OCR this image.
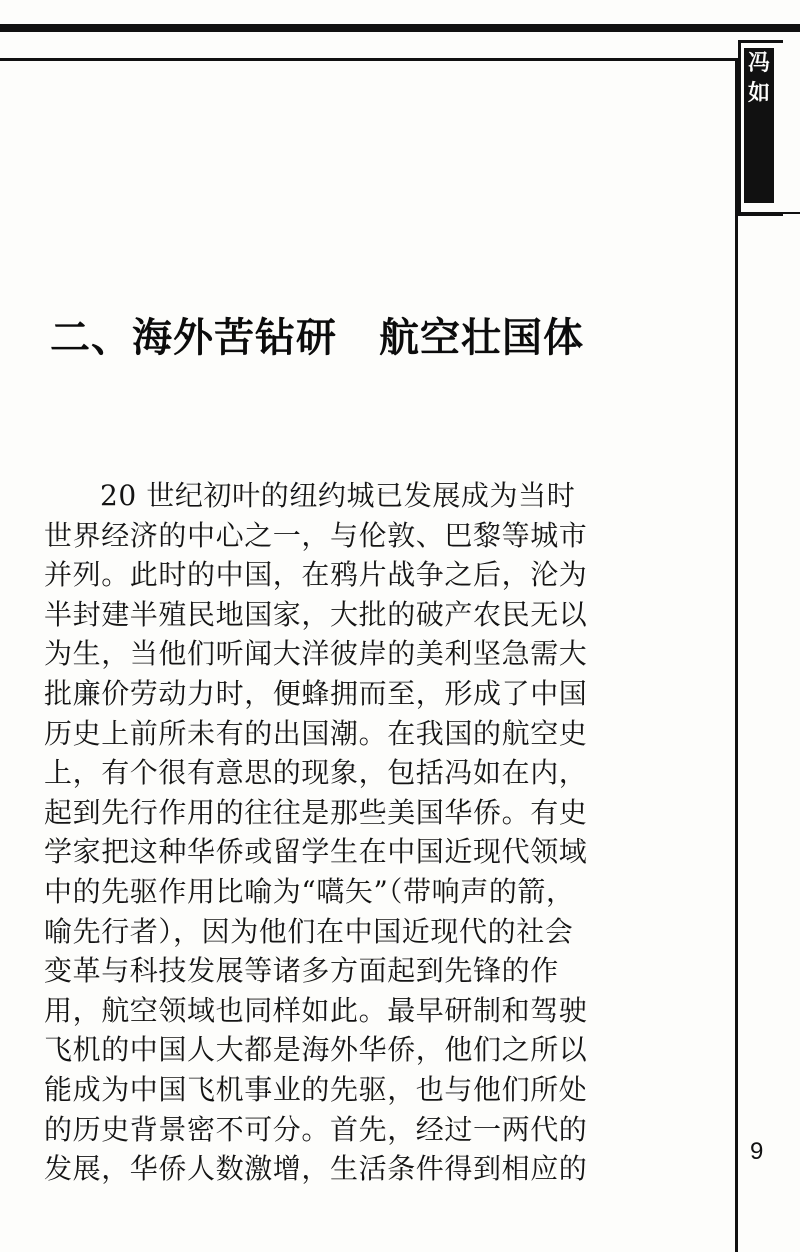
冯
如
二、海外苦钻研 航空壮国体

20 世纪初叶的纽约城已发展成为当时

世界经济的中心之一，与伦敦、巴黎等城市

并列。此时的中国，在鸦片战争之后，沦为

半封建半殖民地国家，大批的破产农民无以

为生，当他们听闻大洋彼岸的美利坚急需大

批廉价劳动力时，便蜂拥而至，形成了中国

历史上前所未有的出国潮。在我国的航空史

上，有个很有意思的现象，包括冯如在内，

起到先行作用的往往是那些美国华侨。有史

学家把这种华侨或留学生在中国近现代领域

中的先驱作用比喻为“嚆矢”（带响声的箭，

喻先行者），因为他们在中国近现代的社会

变革与科技发展等诸多方面起到先锋的作

用，航空领域也同样如此。最早研制和驾驶

飞机的中国人大都是海外华侨，他们之所以

能成为中国飞机事业的先驱，也与他们所处

的历史背景密不可分。首先，经过一两代的

发展，华侨人数激增，生活条件得到相应的

9
